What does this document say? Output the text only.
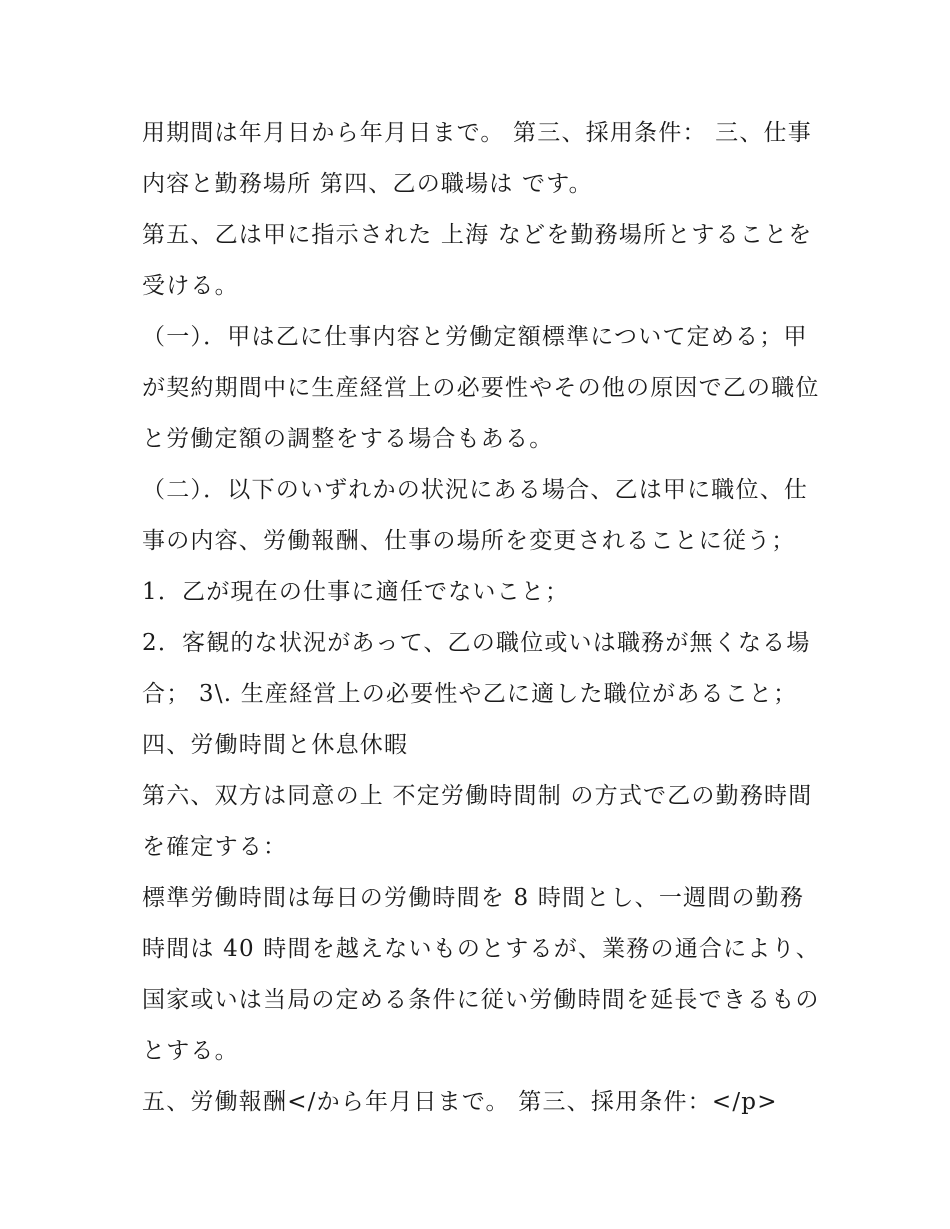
用期間は年月日から年月日まで。 第三、採用条件： 三、仕事内容と勤務場所 第四、乙の職場は です。

第五、乙は甲に指示された 上海 などを勤務場所とすることを受ける。

（一）．甲は乙に仕事内容と労働定額標準について定める；甲が契約期間中に生産経営上の必要性やその他の原因で乙の職位と労働定額の調整をする場合もある。

（二）．以下のいずれかの状況にある場合、乙は甲に職位、仕事の内容、労働報酬、仕事の場所を変更されることに従う； 1．乙が現在の仕事に適任でないこと；

2．客観的な状況があって、乙の職位或いは職務が無くなる場合； 3\. 生産経営上の必要性や乙に適した職位があること； 四、労働時間と休息休暇

第六、双方は同意の上 不定労働時間制 の方式で乙の勤務時間を確定する：

標準労働時間は毎日の労働時間を 8 時間とし、一週間の勤務時間は 40 時間を越えないものとするが、業務の通合により、国家或いは当局の定める条件に従い労働時間を延長できるものとする。

五、労働報酬</から年月日まで。 第三、採用条件：</p>
